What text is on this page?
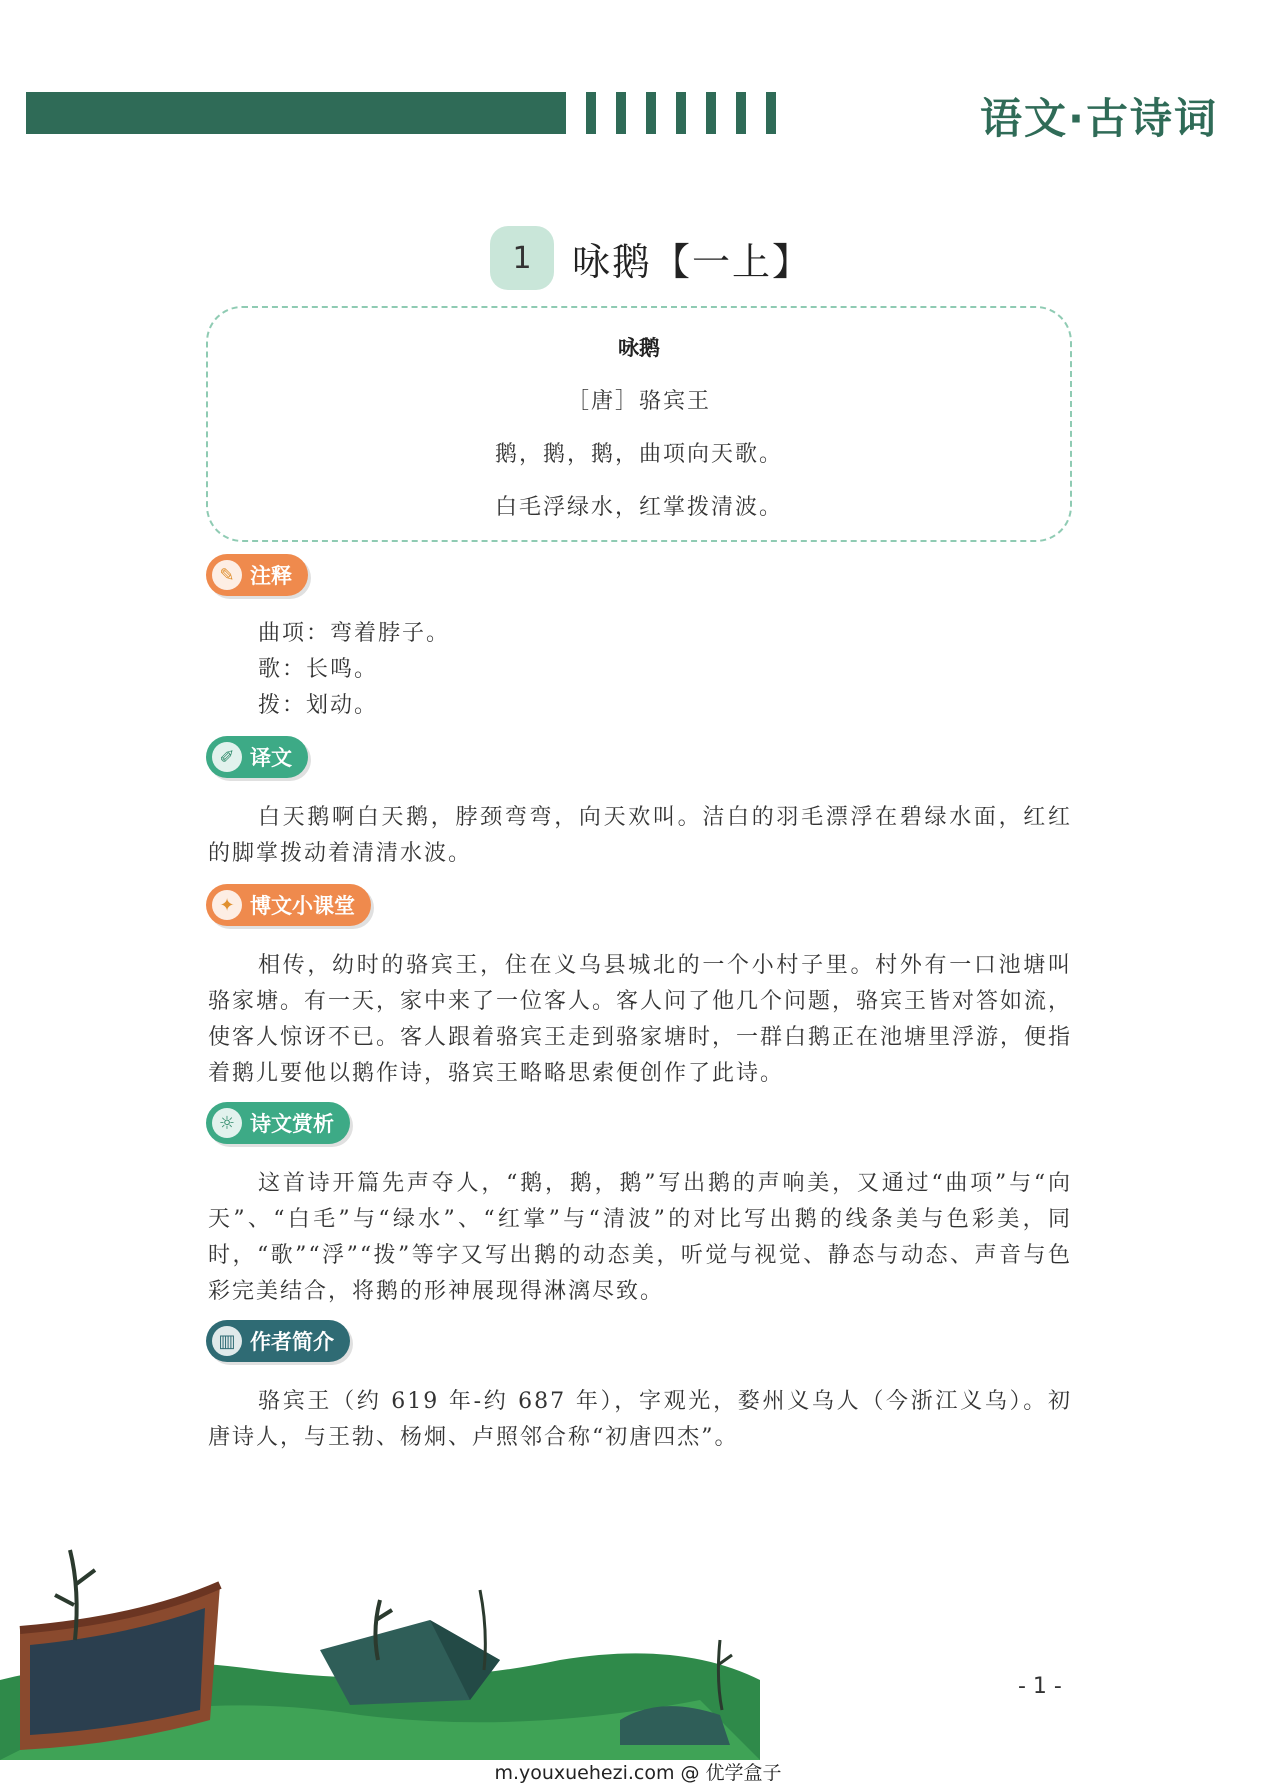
语文·古诗词
1	咏鹅【一上】
咏鹅
［唐］骆宾王
鹅，鹅，鹅，曲项向天歌。
白毛浮绿水，红掌拨清波。
✎ 注释
曲项：弯着脖子。
歌：长鸣。
拨：划动。
✐ 译文

白天鹅啊白天鹅，脖颈弯弯，向天欢叫。洁白的羽毛漂浮在碧绿水面，红红的脚掌拨动着清清水波。

✦ 博文小课堂

相传，幼时的骆宾王，住在义乌县城北的一个小村子里。村外有一口池塘叫骆家塘。有一天，家中来了一位客人。客人问了他几个问题，骆宾王皆对答如流，使客人惊讶不已。客人跟着骆宾王走到骆家塘时，一群白鹅正在池塘里浮游，便指着鹅儿要他以鹅作诗，骆宾王略略思索便创作了此诗。

☼ 诗文赏析

这首诗开篇先声夺人，“鹅，鹅，鹅”写出鹅的声响美，又通过“曲项”与“向天”、“白毛”与“绿水”、“红掌”与“清波”的对比写出鹅的线条美与色彩美，同时，“歌”“浮”“拨”等字又写出鹅的动态美，听觉与视觉、静态与动态、声音与色彩完美结合，将鹅的形神展现得淋漓尽致。

▥ 作者简介

骆宾王（约 619 年-约 687 年），字观光，婺州义乌人（今浙江义乌）。初唐诗人，与王勃、杨炯、卢照邻合称“初唐四杰”。

- 1 -
m.youxuehezi.com @ 优学盒子
